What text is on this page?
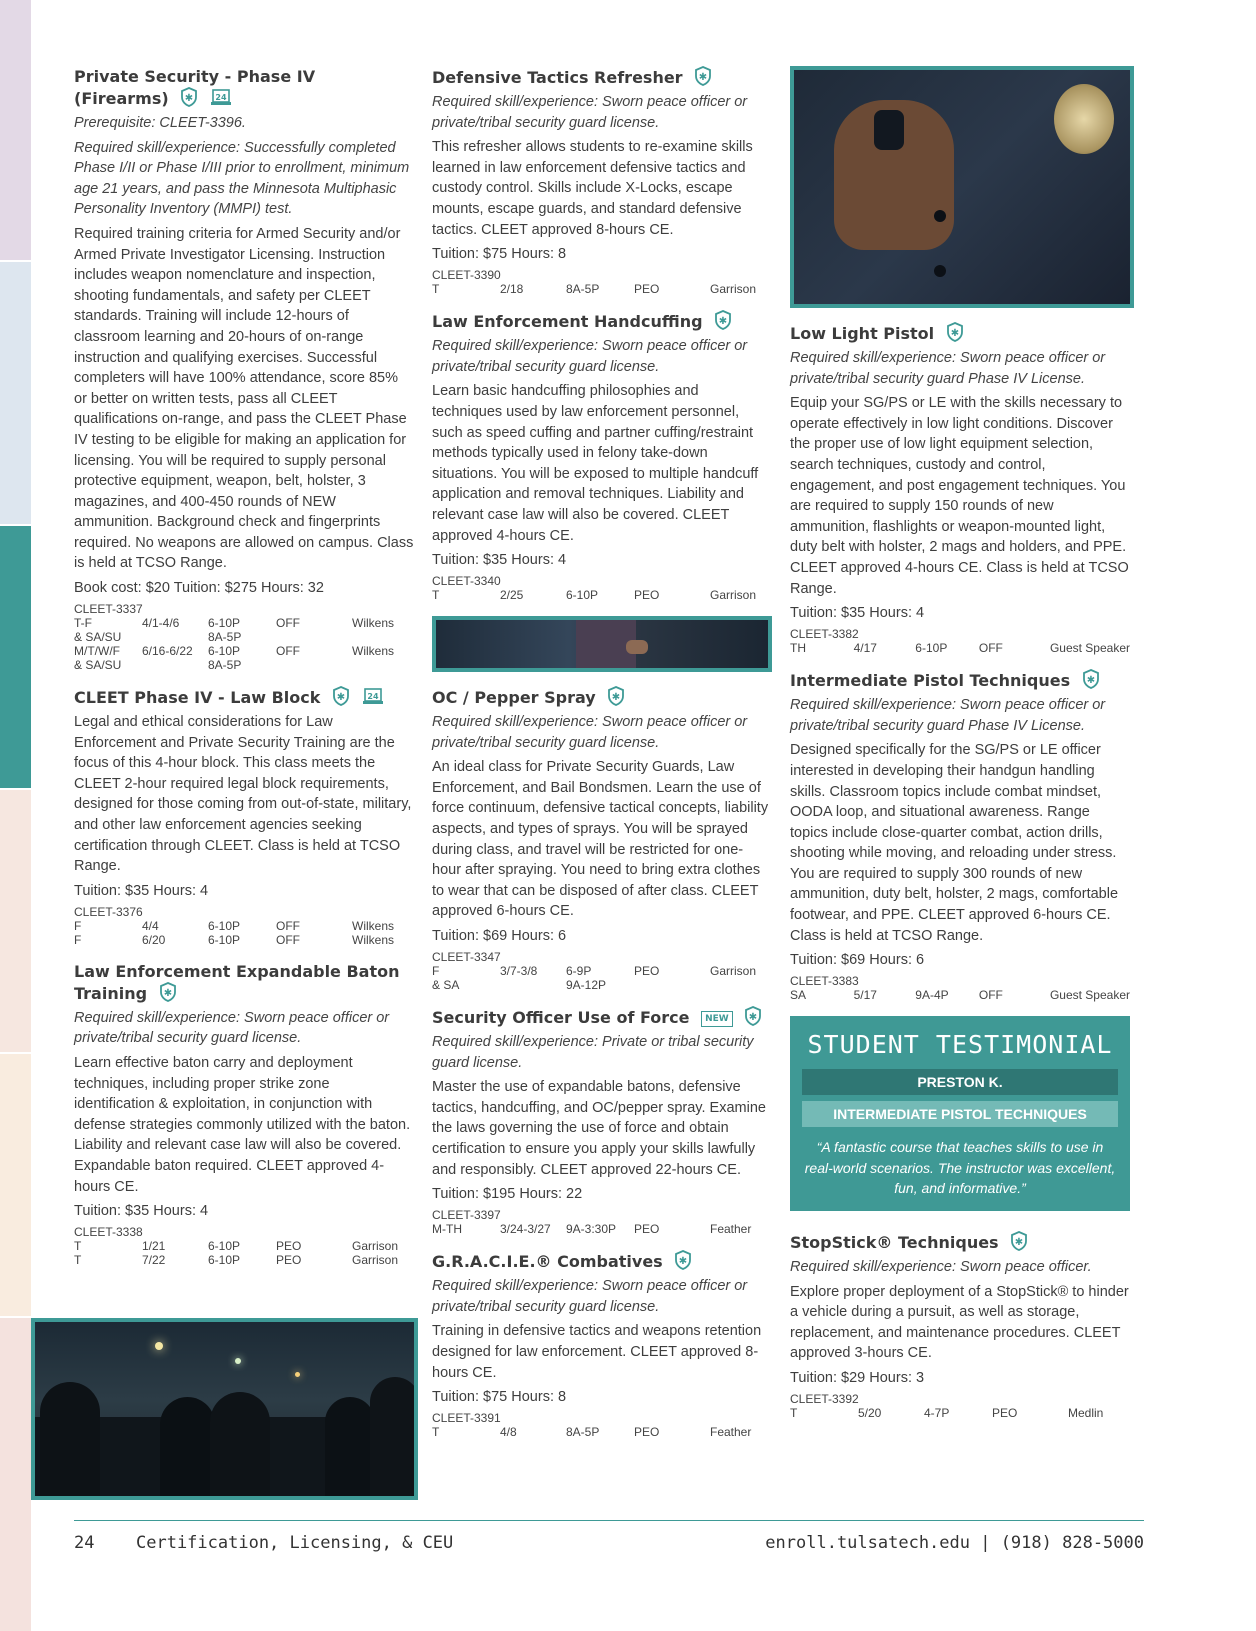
Private Security - Phase IV (Firearms) ✱
	24
Prerequisite: CLEET-3396.
Required skill/experience: Successfully completed Phase I/II or Phase I/III prior to enrollment, minimum age 21 years, and pass the Minnesota Multiphasic Personality Inventory (MMPI) test.
Required training criteria for Armed Security and/or Armed Private Investigator Licensing. Instruction includes weapon nomenclature and inspection, shooting fundamentals, and safety per CLEET standards. Training will include 12-hours of classroom learning and 20-hours of on-range instruction and qualifying exercises. Successful completers will have 100% attendance, score 85% or better on written tests, pass all CLEET qualifications on-range, and pass the CLEET Phase IV testing to be eligible for making an application for licensing. You will be required to supply personal protective equipment, weapon, belt, holster, 3 magazines, and 400-450 rounds of NEW ammunition. Background check and fingerprints required. No weapons are allowed on campus. Class is held at TCSO Range.
Book cost: $20 Tuition: $275 Hours: 32
CLEET-3337
T-F	4/1-4/6	6-10P	OFF	Wilkens
& SA/SU	8A-5P
M/T/W/F	6/16-6/22	6-10P	OFF	Wilkens
& SA/SU	8A-5P
CLEET Phase IV - Law Block ✱
	24
Legal and ethical considerations for Law Enforcement and Private Security Training are the focus of this 4-hour block. This class meets the CLEET 2-hour required legal block requirements, designed for those coming from out-of-state, military, and other law enforcement agencies seeking certification through CLEET. Class is held at TCSO Range.
Tuition: $35 Hours: 4
CLEET-3376
F	4/4	6-10P	OFF	Wilkens
F	6/20	6-10P	OFF	Wilkens
Law Enforcement Expandable Baton Training ✱
Required skill/experience: Sworn peace officer or private/tribal security guard license.
Learn effective baton carry and deployment techniques, including proper strike zone identification & exploitation, in conjunction with defense strategies commonly utilized with the baton. Liability and relevant case law will also be covered. Expandable baton required. CLEET approved 4-hours CE.
Tuition: $35 Hours: 4
CLEET-3338
T	1/21	6-10P	PEO	Garrison
T	7/22	6-10P	PEO	Garrison
Defensive Tactics Refresher ✱
Required skill/experience: Sworn peace officer or private/tribal security guard license.
This refresher allows students to re-examine skills learned in law enforcement defensive tactics and custody control. Skills include X-Locks, escape mounts, escape guards, and standard defensive tactics. CLEET approved 8-hours CE.
Tuition: $75 Hours: 8
CLEET-3390
T	2/18	8A-5P	PEO	Garrison
Law Enforcement Handcuffing ✱
Required skill/experience: Sworn peace officer or private/tribal security guard license.
Learn basic handcuffing philosophies and techniques used by law enforcement personnel, such as speed cuffing and partner cuffing/restraint methods typically used in felony take-down situations. You will be exposed to multiple handcuff application and removal techniques. Liability and relevant case law will also be covered. CLEET approved 4-hours CE.
Tuition: $35 Hours: 4
CLEET-3340
T	2/25	6-10P	PEO	Garrison
OC / Pepper Spray ✱
Required skill/experience: Sworn peace officer or private/tribal security guard license.
An ideal class for Private Security Guards, Law Enforcement, and Bail Bondsmen. Learn the use of force continuum, defensive tactical concepts, liability aspects, and types of sprays. You will be sprayed during class, and travel will be restricted for one-hour after spraying. You need to bring extra clothes to wear that can be disposed of after class. CLEET approved 6-hours CE.
Tuition: $69 Hours: 6
CLEET-3347
F	3/7-3/8	6-9P	PEO	Garrison
& SA	9A-12P
Security Officer Use of Force NEW ✱
Required skill/experience: Private or tribal security guard license.
Master the use of expandable batons, defensive tactics, handcuffing, and OC/pepper spray. Examine the laws governing the use of force and obtain certification to ensure you apply your skills lawfully and responsibly. CLEET approved 22-hours CE.
Tuition: $195 Hours: 22
CLEET-3397
M-TH	3/24-3/27	9A-3:30P	PEO	Feather
G.R.A.C.I.E.® Combatives ✱
Required skill/experience: Sworn peace officer or private/tribal security guard license.
Training in defensive tactics and weapons retention designed for law enforcement. CLEET approved 8-hours CE.
Tuition: $75 Hours: 8
CLEET-3391
T	4/8	8A-5P	PEO	Feather
Low Light Pistol ✱
Required skill/experience: Sworn peace officer or private/tribal security guard Phase IV License.
Equip your SG/PS or LE with the skills necessary to operate effectively in low light conditions. Discover the proper use of low light equipment selection, search techniques, custody and control, engagement, and post engagement techniques. You are required to supply 150 rounds of new ammunition, flashlights or weapon-mounted light, duty belt with holster, 2 mags and holders, and PPE. CLEET approved 4-hours CE. Class is held at TCSO Range.
Tuition: $35 Hours: 4
CLEET-3382
TH	4/17	6-10P	OFF	Guest Speaker
Intermediate Pistol Techniques ✱
Required skill/experience: Sworn peace officer or private/tribal security guard Phase IV License.
Designed specifically for the SG/PS or LE officer interested in developing their handgun handling skills. Classroom topics include combat mindset, OODA loop, and situational awareness. Range topics include close-quarter combat, action drills, shooting while moving, and reloading under stress. You are required to supply 300 rounds of new ammunition, duty belt, holster, 2 mags, comfortable footwear, and PPE. CLEET approved 6-hours CE. Class is held at TCSO Range.
Tuition: $69 Hours: 6
CLEET-3383
SA	5/17	9A-4P	OFF	Guest Speaker
STUDENT TESTIMONIAL
PRESTON K.
INTERMEDIATE PISTOL TECHNIQUES
“A fantastic course that teaches skills to use in real-world scenarios. The instructor was excellent, fun, and informative.”
StopStick® Techniques ✱
Required skill/experience: Sworn peace officer.
Explore proper deployment of a StopStick® to hinder a vehicle during a pursuit, as well as storage, replacement, and maintenance procedures. CLEET approved 3-hours CE.
Tuition: $29 Hours: 3
CLEET-3392
T	5/20	4-7P	PEO	Medlin
24 Certification, Licensing, & CEU	enroll.tulsatech.edu | (918) 828-5000
